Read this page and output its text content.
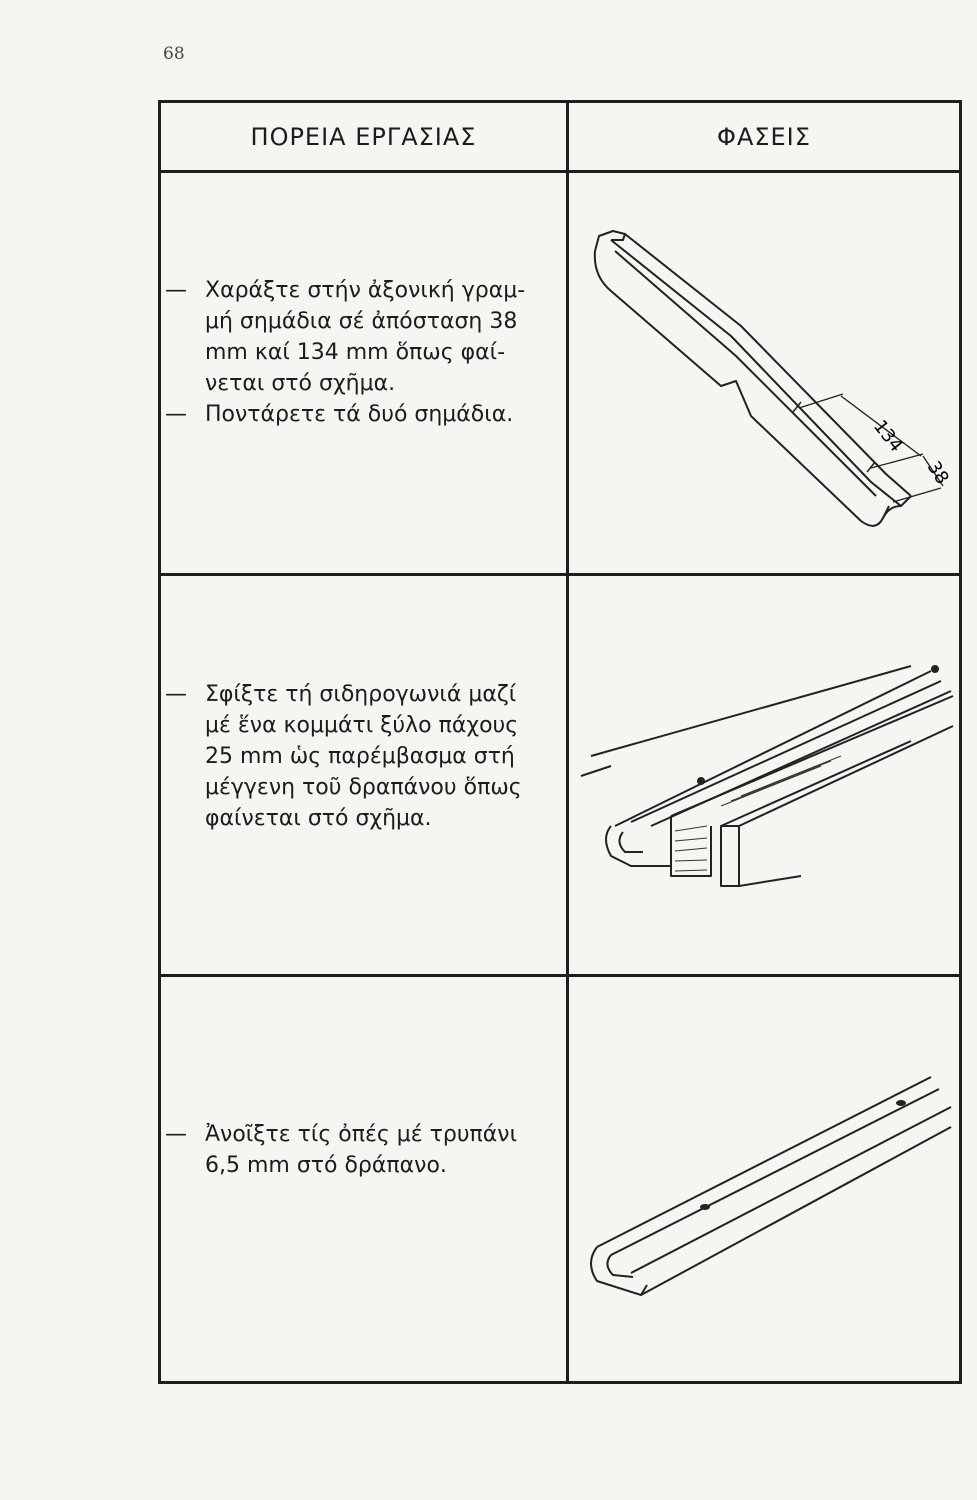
68
ΠΟΡΕΙΑ ΕΡΓΑΣΙΑΣ	ΦΑΣΕΙΣ

— Χαράξτε στήν ἀξονική γραμ-

μή σημάδια σέ ἀπόσταση 38

mm καί 134 mm ὅπως φαί-

νεται στό σχῆμα.

— Ποντάρετε τά δυό σημάδια.

— Σφίξτε τή σιδηρογωνιά μαζί

μέ ἕνα κομμάτι ξύλο πάχους

25 mm ὡς παρέμβασμα στή

μέγγενη τοῦ δραπάνου ὅπως

φαίνεται στό σχῆμα.

— Ἀνοῖξτε τίς ὀπές μέ τρυπάνι

6,5 mm στό δράπανο.

134
38
